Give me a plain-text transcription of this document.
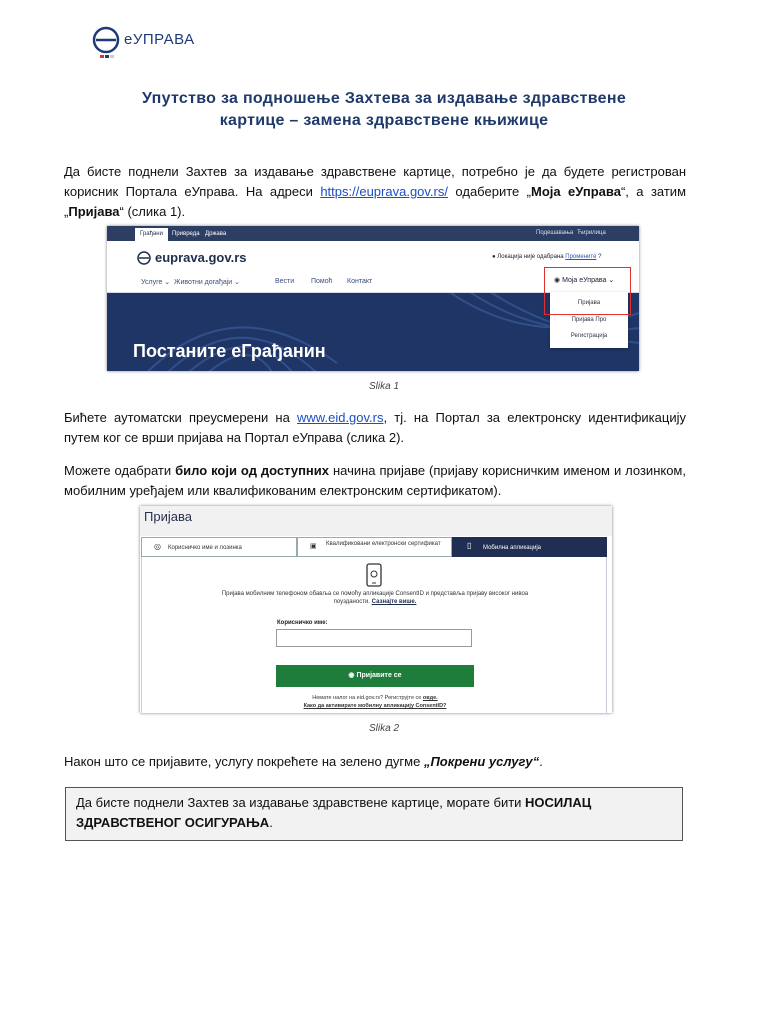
еУПРАВА
Упутство за подношење Захтева за издавање здравствене
картице – замена здравствене књижице
Да бисте поднели Захтев за издавање здравствене картице, потребно је да будете регистрован корисник Портала еУправа. На адреси https://euprava.gov.rs/ одаберите „Моја еУправа“, а затим „Пријава“ (слика 1).
Грађани	Привреда Држава	Подешавања Ћирилица
euprava.gov.rs	● Локација није одабрана Промените ?
Услуге ⌄ Животни догађаји ⌄	Вести Помоћ Контакт
Постаните еГрађанин
Пријава
Пријава Про
Регистрација
◉ Моја еУправа ⌄
Slika 1
Бићете аутоматски преусмерени на www.eid.gov.rs, тј. на Портал за електронску идентификацију путем ког се врши пријава на Портал еУправа (слика 2).
Можете одабрати било који од доступних начина пријаве (пријаву корисничким именом и лозинком, мобилним уређајем или квалификованим електронским сертификатом).
Пријава
◎ Корисничко име и лозинка	▣ Квалификовани електронски сертификат	▯ Мобилна апликација
Пријава мобилним телефоном обавља се помоћу апликације ConsentID и представља пријаву високог нивоа поузданости. Сазнајте више.
Корисничко име:
◉ Пријавите се
Немате налог на eid.gov.rs? Региструјте се овде.
Како да активирате мобилну апликацију ConsentID?
Slika 2
Након што се пријавите, услугу покрећете на зелено дугме „Покрени услугу“.
Да бисте поднели Захтев за издавање здравствене картице, морате бити НОСИЛАЦ ЗДРАВСТВЕНОГ ОСИГУРАЊА.
